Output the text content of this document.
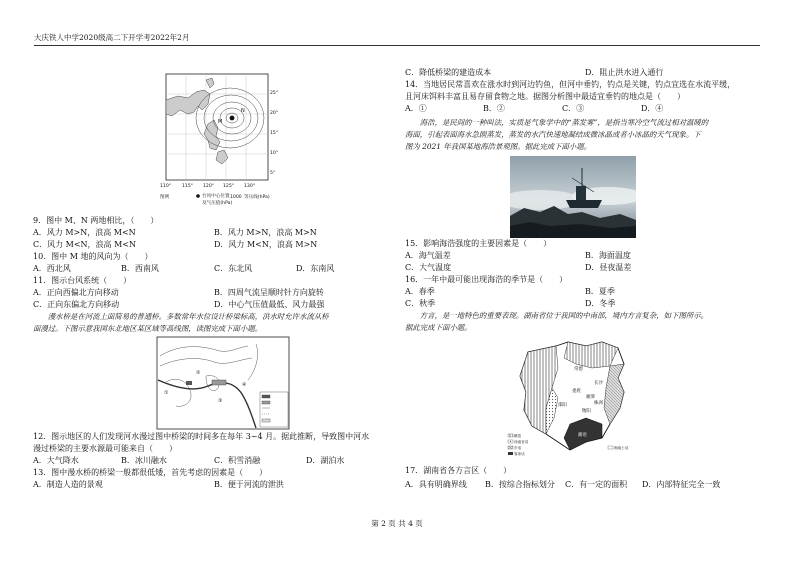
大庆铁人中学2020级高二下开学考2022年2月
M
N
25°
20°
15°
10°
5°
110° 115° 120° 125° 130°
图例	台风中心位置
及气压值(hPa)
1000 等压线(hPa)
9．图中 M、N 两地相比，（　　）
A．风力 M>N，浪高 M<N	B．风力 M>N，浪高 M>N
C．风力 M<N，浪高 M<N	D．风力 M<N，浪高 M>N
10．图中 M 地的风向为（　　）
A．西北风	B．西南风	C．东北风	D．东南风
11．图示台风系统（　　）
A．正向西偏北方向移动	B．四周气流呈顺时针方向旋转
C．正向东偏北方向移动	D．中心气压值最低、风力最强
　　漫水桥是在河流上面简易的普通桥。多数常年水位设计桥梁标高，洪水时允许水流从桥
面漫过。下图示意我国东北地区某区域等高线图，读图完成下面小题。
①
②
③
④
12．图示地区的人们发现河水漫过图中桥梁的时间多在每年 3~4 月。据此推断，导致图中河水
漫过桥梁的主要水源最可能来自（　　）
A．大气降水	B．冰川融水	C．积雪消融	D．湖泊水
13．图中漫水桥的桥梁一般都很低矮，首先考虑的因素是（　　）
A．制造人造的景观	B．便于河流的泄洪
C．降低桥梁的建造成本	D．阻止洪水进入通行
14．当地居民常喜欢在涨水时到河边钓鱼，但河中垂钓，钓点是关键，钓点宜选在水流平缓，
且河床饵料丰富且易存留食物之地。据图分析图中最适宜垂钓的地点是（　　）
A．①	B．②	C．③	D．④
　　海浩，是民间的一种叫法，实质是气象学中的“蒸发雾”，是指当寒冷空气流过相对温暖的
海面，引起表面海水急剧蒸发，蒸发的水汽快速地凝结成微冰晶或者小冰晶的天气现象。下
图为 2021 年我国某地海浩景观图。据此完成下面小题。
15．影响海浩强度的主要因素是（　　）
A．海气温差	B．海面温度
C．大气温度	D．昼夜温差
16．一年中最可能出现海浩的季节是（　　）
A．春季	B．夏季
C．秋季	D．冬季
　　方言，是一地特色的重要表现。湖南省位于我国的中南部，境内方言复杂，如下图所示。
据此完成下面小题。
常德
长沙
娄底
湘潭
株洲
衡阳
邵阳
湘语
赣语
西南官话
乡话
客家话
湘南土话
17．湖南省各方言区（　　）
A．具有明确界线 B．按综合指标划分 C．有一定的面积 D．内部特征完全一致
第 2 页 共 4 页
